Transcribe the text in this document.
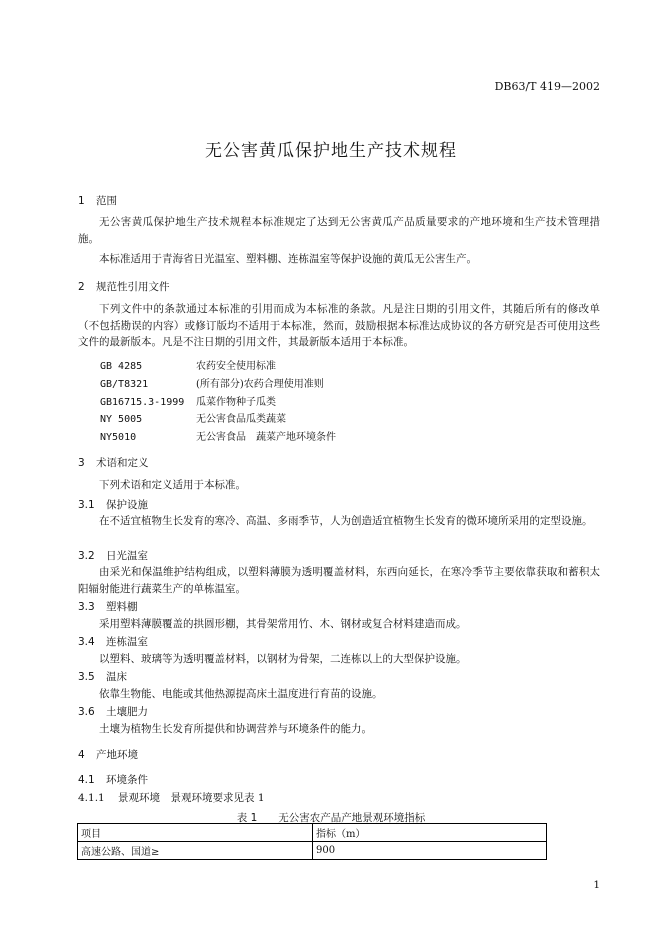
DB63/T 419—2002
无公害黄瓜保护地生产技术规程
1 范围
无公害黄瓜保护地生产技术规程本标准规定了达到无公害黄瓜产品质量要求的产地环境和生产技术管理措施。
本标准适用于青海省日光温室、塑料棚、连栋温室等保护设施的黄瓜无公害生产。
2 规范性引用文件
下列文件中的条款通过本标准的引用而成为本标准的条款。凡是注日期的引用文件，其随后所有的修改单（不包括勘误的内容）或修订版均不适用于本标准，然而，鼓励根据本标准达成协议的各方研究是否可使用这些文件的最新版本。凡是不注日期的引用文件，其最新版本适用于本标准。
GB 4285	农药安全使用标准
GB/T8321	(所有部分)农药合理使用准则
GB16715.3-1999 瓜菜作物种子瓜类
NY 5005	无公害食品瓜类蔬菜
NY5010	无公害食品　蔬菜产地环境条件
3 术语和定义
下列术语和定义适用于本标准。
3.1 保护设施
在不适宜植物生长发育的寒冷、高温、多雨季节，人为创造适宜植物生长发育的微环境所采用的定型设施。
3.2 日光温室
由采光和保温维护结构组成，以塑料薄膜为透明覆盖材料，东西向延长，在寒冷季节主要依靠获取和蓄积太阳辐射能进行蔬菜生产的单栋温室。
3.3 塑料棚
采用塑料薄膜覆盖的拱圆形棚，其骨架常用竹、木、钢材或复合材料建造而成。
3.4 连栋温室
以塑料、玻璃等为透明覆盖材料，以钢材为骨架，二连栋以上的大型保护设施。
3.5 温床
依靠生物能、电能或其他热源提高床土温度进行育苗的设施。
3.6 土壤肥力
土壤为植物生长发育所提供和协调营养与环境条件的能力。
4 产地环境
4.1 环境条件
4.1.1 景观环境　景观环境要求见表 1
表 1　　 无公害农产品产地景观环境指标
项目	指标（m）
高速公路、国道≥	900
1
